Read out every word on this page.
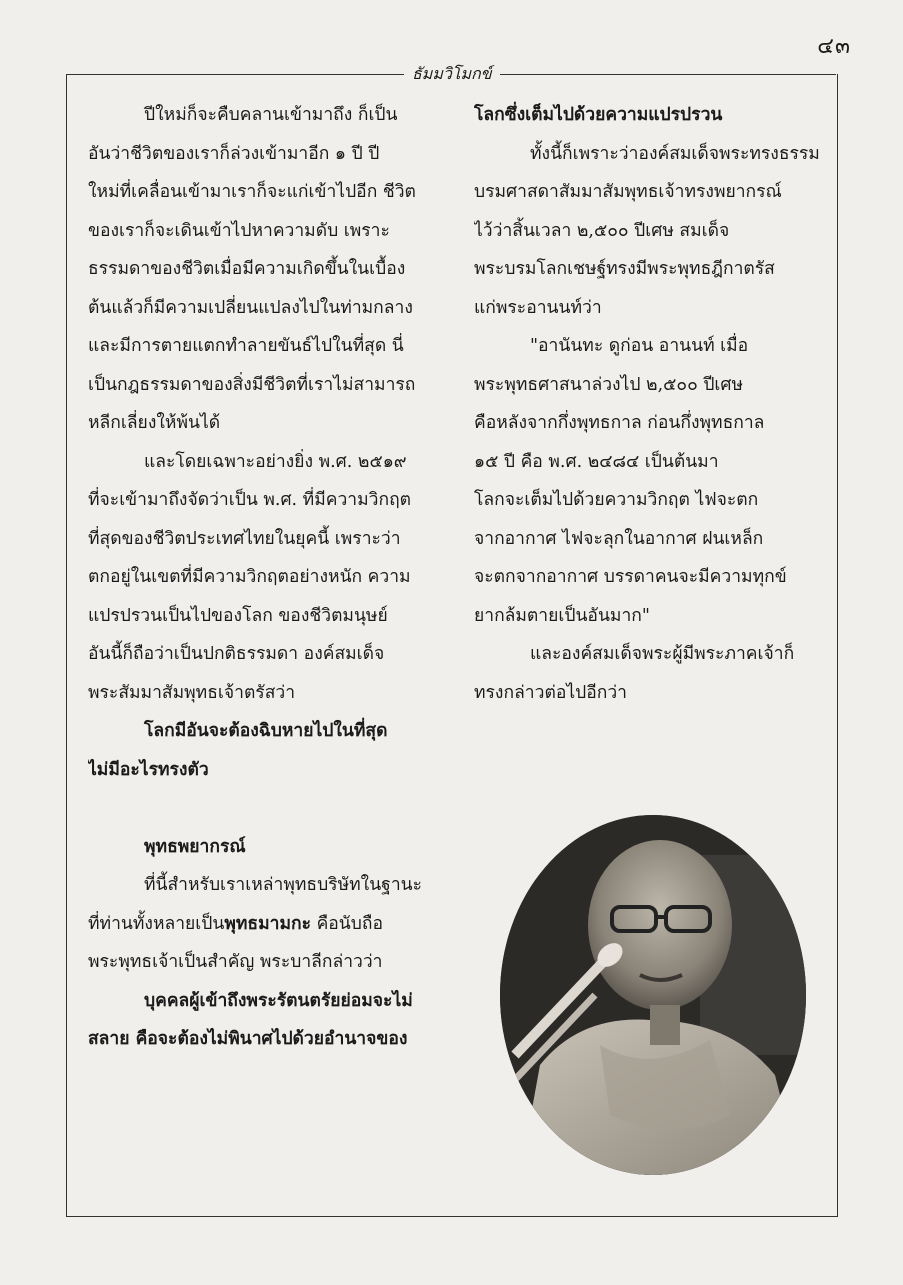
๔๓
ธัมมวิโมกข์
ปีใหม่ก็จะคืบคลานเข้ามาถึง ก็เป็น
อันว่าชีวิตของเราก็ล่วงเข้ามาอีก ๑ ปี ปี
ใหม่ที่เคลื่อนเข้ามาเราก็จะแก่เข้าไปอีก ชีวิต
ของเราก็จะเดินเข้าไปหาความดับ เพราะ
ธรรมดาของชีวิตเมื่อมีความเกิดขึ้นในเบื้อง
ต้นแล้วก็มีความเปลี่ยนแปลงไปในท่ามกลาง
และมีการตายแตกทำลายขันธ์ไปในที่สุด นี่
เป็นกฎธรรมดาของสิ่งมีชีวิตที่เราไม่สามารถ
หลีกเลี่ยงให้พ้นได้
และโดยเฉพาะอย่างยิ่ง พ.ศ. ๒๕๑๙
ที่จะเข้ามาถึงจัดว่าเป็น พ.ศ. ที่มีความวิกฤต
ที่สุดของชีวิตประเทศไทยในยุคนี้ เพราะว่า
ตกอยู่ในเขตที่มีความวิกฤตอย่างหนัก ความ
แปรปรวนเป็นไปของโลก ของชีวิตมนุษย์
อันนี้ก็ถือว่าเป็นปกติธรรมดา องค์สมเด็จ
พระสัมมาสัมพุทธเจ้าตรัสว่า
โลกมีอันจะต้องฉิบหายไปในที่สุด
ไม่มีอะไรทรงตัว
พุทธพยากรณ์
ที่นี้สำหรับเราเหล่าพุทธบริษัทในฐานะ
ที่ท่านทั้งหลายเป็นพุทธมามกะ คือนับถือ
พระพุทธเจ้าเป็นสำคัญ พระบาลีกล่าวว่า
บุคคลผู้เข้าถึงพระรัตนตรัยย่อมจะไม่
สลาย คือจะต้องไม่พินาศไปด้วยอำนาจของ
โลกซึ่งเต็มไปด้วยความแปรปรวน
ทั้งนี้ก็เพราะว่าองค์สมเด็จพระทรงธรรม
บรมศาสดาสัมมาสัมพุทธเจ้าทรงพยากรณ์
ไว้ว่าสิ้นเวลา ๒,๕๐๐ ปีเศษ สมเด็จ
พระบรมโลกเชษฐ์ทรงมีพระพุทธฎีกาตรัส
แก่พระอานนท์ว่า
"อานันทะ ดูก่อน อานนท์ เมื่อ
พระพุทธศาสนาล่วงไป ๒,๕๐๐ ปีเศษ
คือหลังจากกึ่งพุทธกาล ก่อนกึ่งพุทธกาล
๑๕ ปี คือ พ.ศ. ๒๔๘๔ เป็นต้นมา
โลกจะเต็มไปด้วยความวิกฤต ไฟจะตก
จากอากาศ ไฟจะลุกในอากาศ ฝนเหล็ก
จะตกจากอากาศ บรรดาคนจะมีความทุกข์
ยากล้มตายเป็นอันมาก"
และองค์สมเด็จพระผู้มีพระภาคเจ้าก็
ทรงกล่าวต่อไปอีกว่า
